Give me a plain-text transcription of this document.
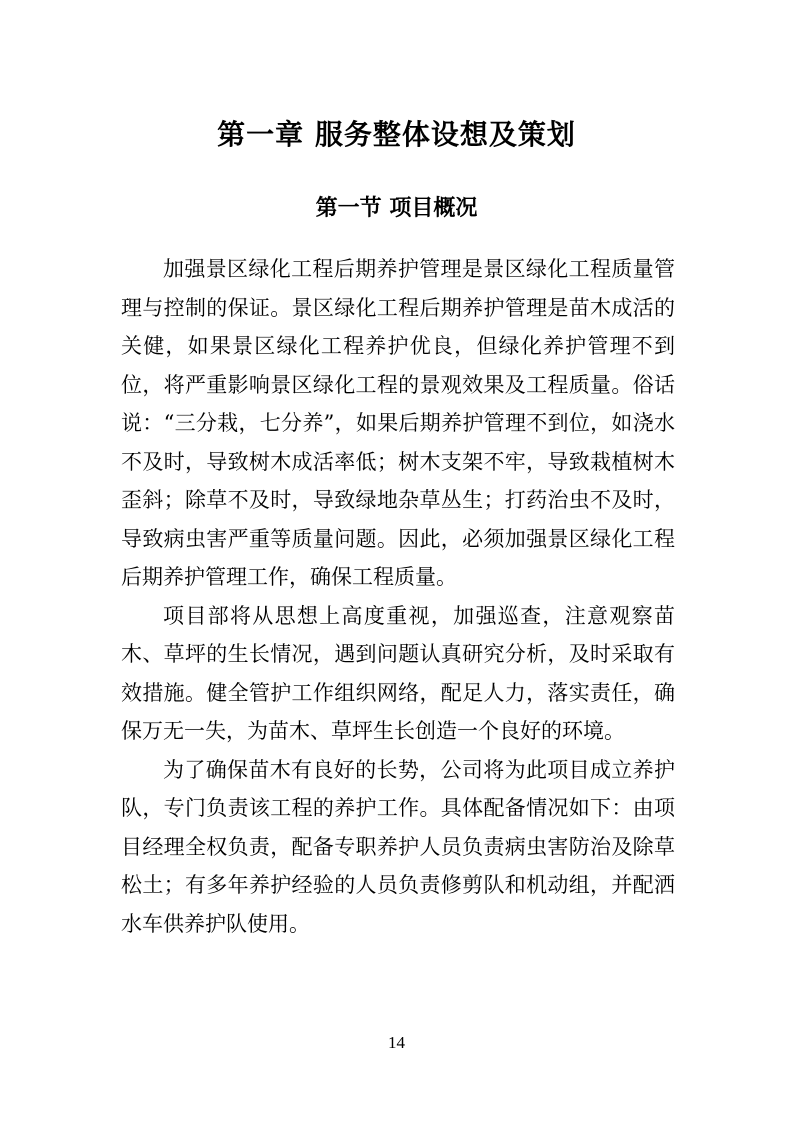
第一章 服务整体设想及策划
第一节 项目概况

加强景区绿化工程后期养护管理是景区绿化工程质量管理与控制的保证。景区绿化工程后期养护管理是苗木成活的关健，如果景区绿化工程养护优良，但绿化养护管理不到位，将严重影响景区绿化工程的景观效果及工程质量。俗话说：“三分栽，七分养”，如果后期养护管理不到位，如浇水不及时，导致树木成活率低；树木支架不牢，导致栽植树木歪斜；除草不及时，导致绿地杂草丛生；打药治虫不及时，导致病虫害严重等质量问题。因此，必须加强景区绿化工程后期养护管理工作，确保工程质量。

项目部将从思想上高度重视，加强巡查，注意观察苗木、草坪的生长情况，遇到问题认真研究分析，及时采取有效措施。健全管护工作组织网络，配足人力，落实责任，确保万无一失，为苗木、草坪生长创造一个良好的环境。

为了确保苗木有良好的长势，公司将为此项目成立养护队，专门负责该工程的养护工作。具体配备情况如下：由项目经理全权负责，配备专职养护人员负责病虫害防治及除草松土；有多年养护经验的人员负责修剪队和机动组，并配洒水车供养护队使用。

14
